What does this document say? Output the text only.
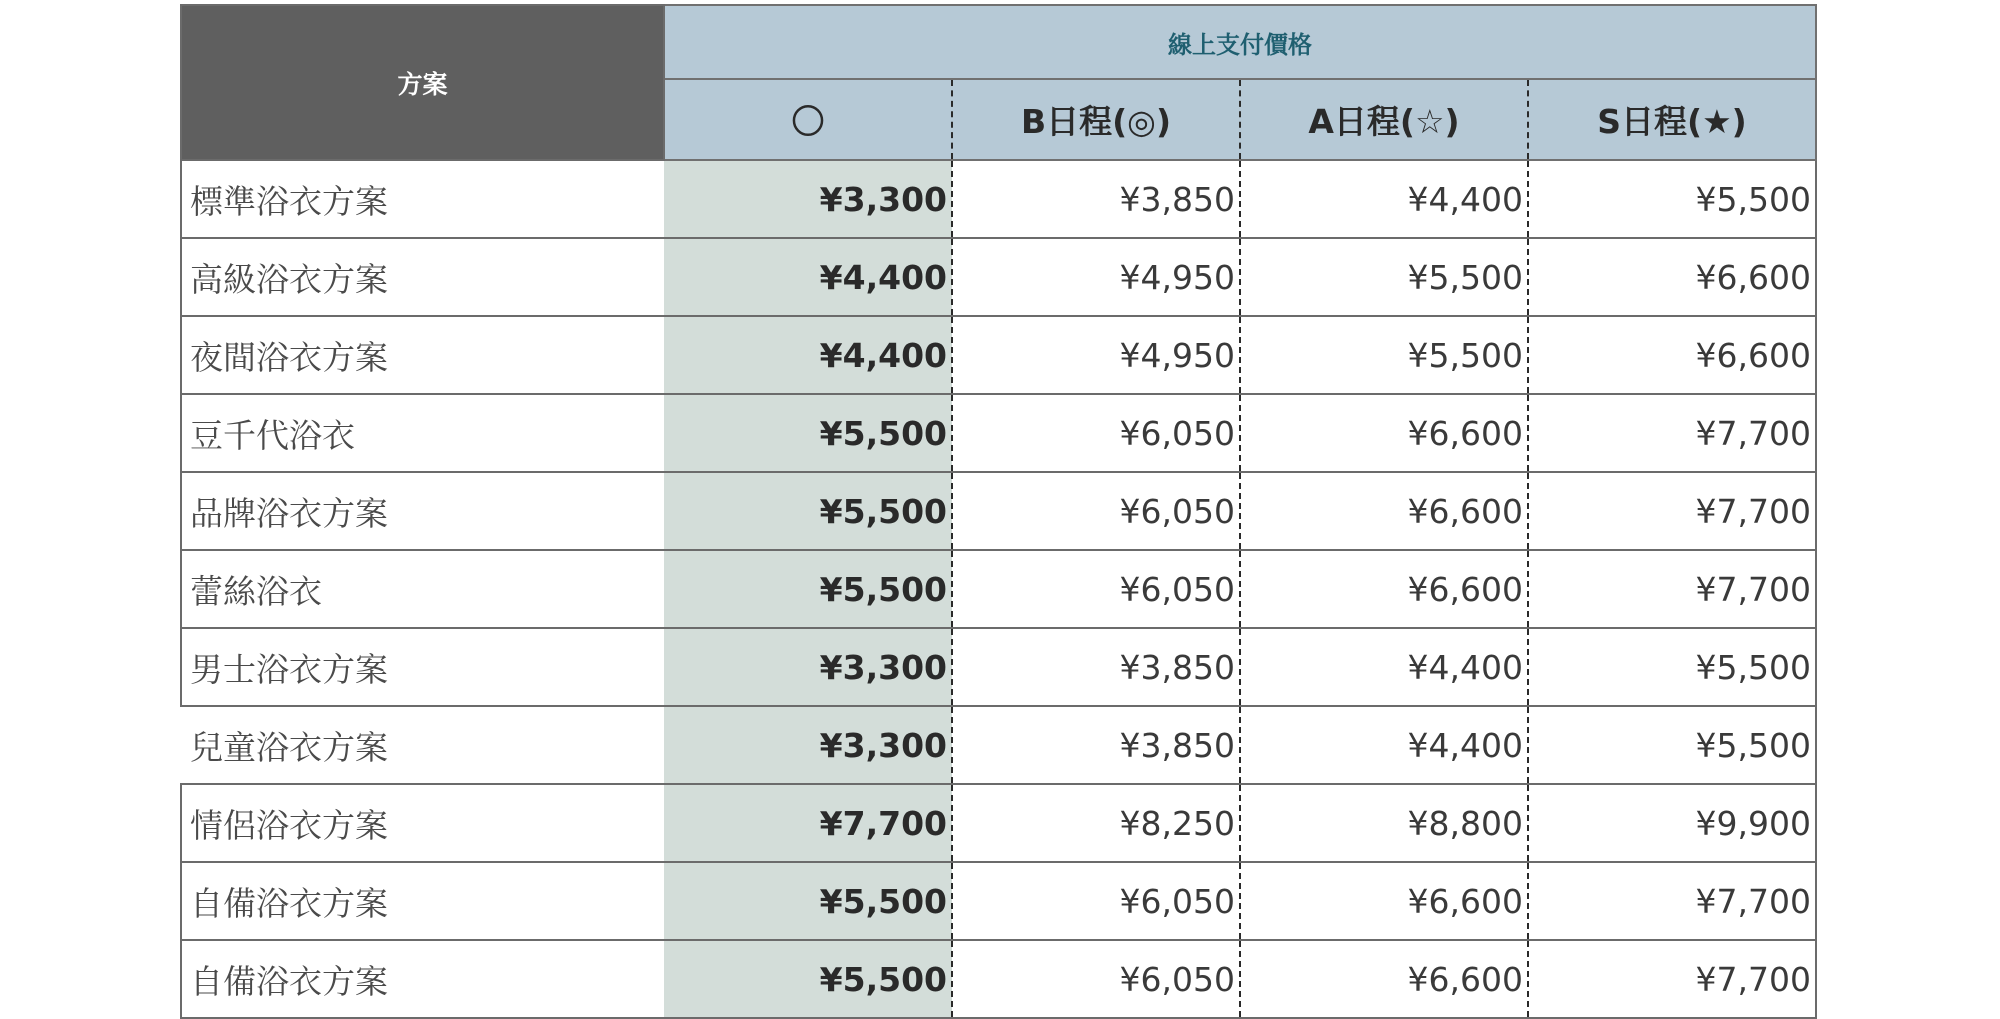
方案	線上支付價格			
	〇	B日程(◎)	A日程(☆)	S日程(★)
標準浴衣方案	¥3,300	¥3,850	¥4,400	¥5,500
高級浴衣方案	¥4,400	¥4,950	¥5,500	¥6,600
夜間浴衣方案	¥4,400	¥4,950	¥5,500	¥6,600
豆千代浴衣	¥5,500	¥6,050	¥6,600	¥7,700
品牌浴衣方案	¥5,500	¥6,050	¥6,600	¥7,700
蕾絲浴衣	¥5,500	¥6,050	¥6,600	¥7,700
男士浴衣方案	¥3,300	¥3,850	¥4,400	¥5,500
兒童浴衣方案	¥3,300	¥3,850	¥4,400	¥5,500
情侶浴衣方案	¥7,700	¥8,250	¥8,800	¥9,900
自備浴衣方案	¥5,500	¥6,050	¥6,600	¥7,700
自備浴衣方案	¥5,500	¥6,050	¥6,600	¥7,700
